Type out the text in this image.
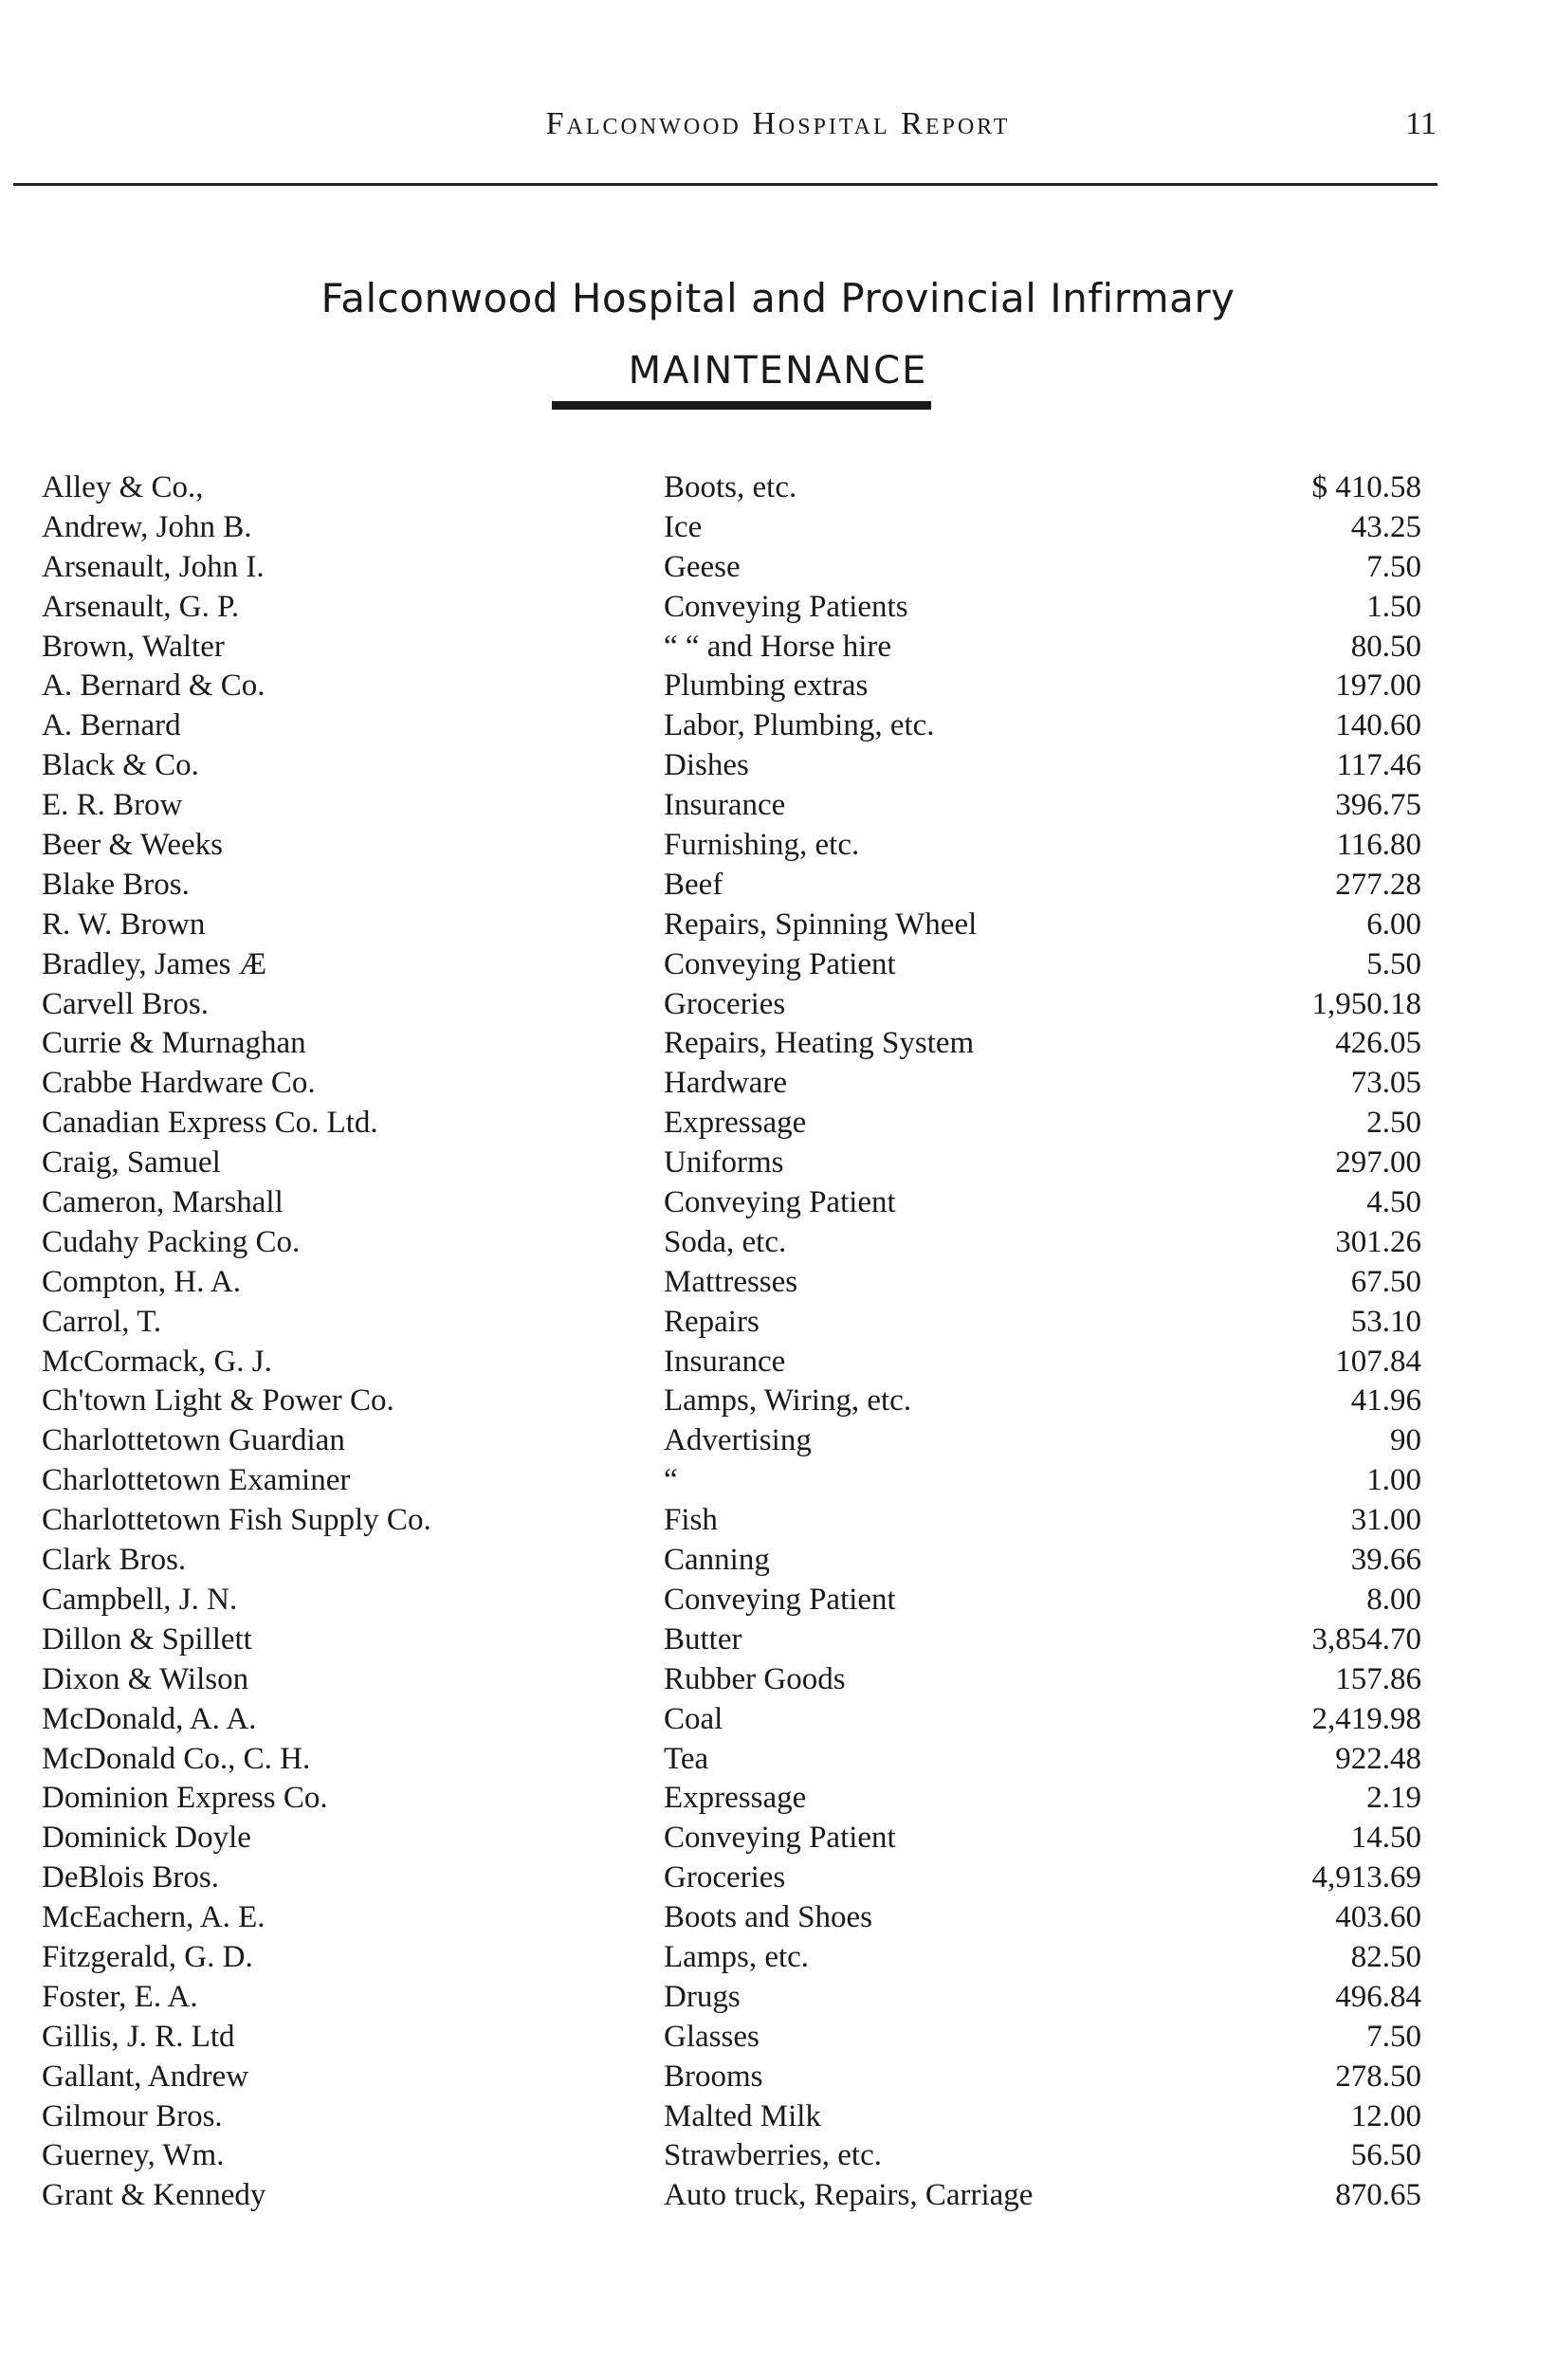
Falconwood Hospital Report	11
Falconwood Hospital and Provincial Infirmary
MAINTENANCE
Alley & Co.,	Boots, etc.	$ 410.58
Andrew, John B.	Ice	43.25
Arsenault, John I.	Geese	7.50
Arsenault, G. P.	Conveying Patients	1.50
Brown, Walter	“ “ and Horse hire	80.50
A. Bernard & Co.	Plumbing extras	197.00
A. Bernard	Labor, Plumbing, etc.	140.60
Black & Co.	Dishes	117.46
E. R. Brow	Insurance	396.75
Beer & Weeks	Furnishing, etc.	116.80
Blake Bros.	Beef	277.28
R. W. Brown	Repairs, Spinning Wheel	6.00
Bradley, James Æ	Conveying Patient	5.50
Carvell Bros.	Groceries	1,950.18
Currie & Murnaghan	Repairs, Heating System	426.05
Crabbe Hardware Co.	Hardware	73.05
Canadian Express Co. Ltd.	Expressage	2.50
Craig, Samuel	Uniforms	297.00
Cameron, Marshall	Conveying Patient	4.50
Cudahy Packing Co.	Soda, etc.	301.26
Compton, H. A.	Mattresses	67.50
Carrol, T.	Repairs	53.10
McCormack, G. J.	Insurance	107.84
Ch'town Light & Power Co.	Lamps, Wiring, etc.	41.96
Charlottetown Guardian	Advertising	90
Charlottetown Examiner	“	1.00
Charlottetown Fish Supply Co.	Fish	31.00
Clark Bros.	Canning	39.66
Campbell, J. N.	Conveying Patient	8.00
Dillon & Spillett	Butter	3,854.70
Dixon & Wilson	Rubber Goods	157.86
McDonald, A. A.	Coal	2,419.98
McDonald Co., C. H.	Tea	922.48
Dominion Express Co.	Expressage	2.19
Dominick Doyle	Conveying Patient	14.50
DeBlois Bros.	Groceries	4,913.69
McEachern, A. E.	Boots and Shoes	403.60
Fitzgerald, G. D.	Lamps, etc.	82.50
Foster, E. A.	Drugs	496.84
Gillis, J. R. Ltd	Glasses	7.50
Gallant, Andrew	Brooms	278.50
Gilmour Bros.	Malted Milk	12.00
Guerney, Wm.	Strawberries, etc.	56.50
Grant & Kennedy	Auto truck, Repairs, Carriage	870.65
